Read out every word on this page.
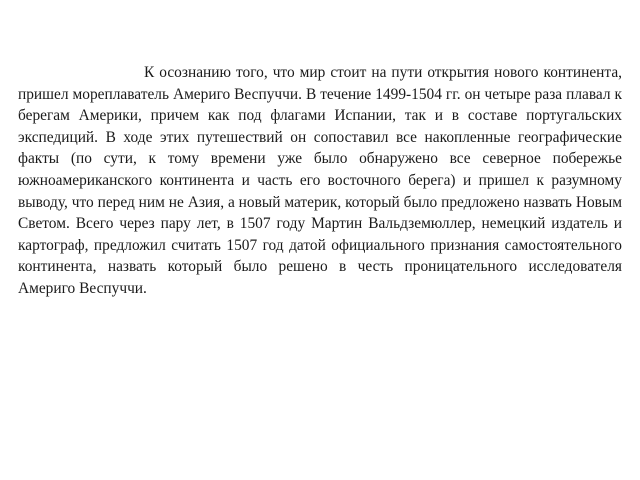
К осознанию того, что мир стоит на пути открытия нового континента, пришел мореплаватель Америго Веспуччи. В течение 1499-1504 гг. он четыре раза плавал к берегам Америки, причем как под флагами Испании, так и в составе португальских экспедиций. В ходе этих путешествий он сопоставил все накопленные географические факты (по сути, к тому времени уже было обнаружено все северное побережье южноамериканского континента и часть его восточного берега) и пришел к разумному выводу, что перед ним не Азия, а новый материк, который было предложено назвать Новым Светом. Всего через пару лет, в 1507 году Мартин Вальдземюллер, немецкий издатель и картограф, предложил считать 1507 год датой официального признания самостоятельного континента, назвать который было решено в честь проницательного исследователя Америго Веспуччи.
